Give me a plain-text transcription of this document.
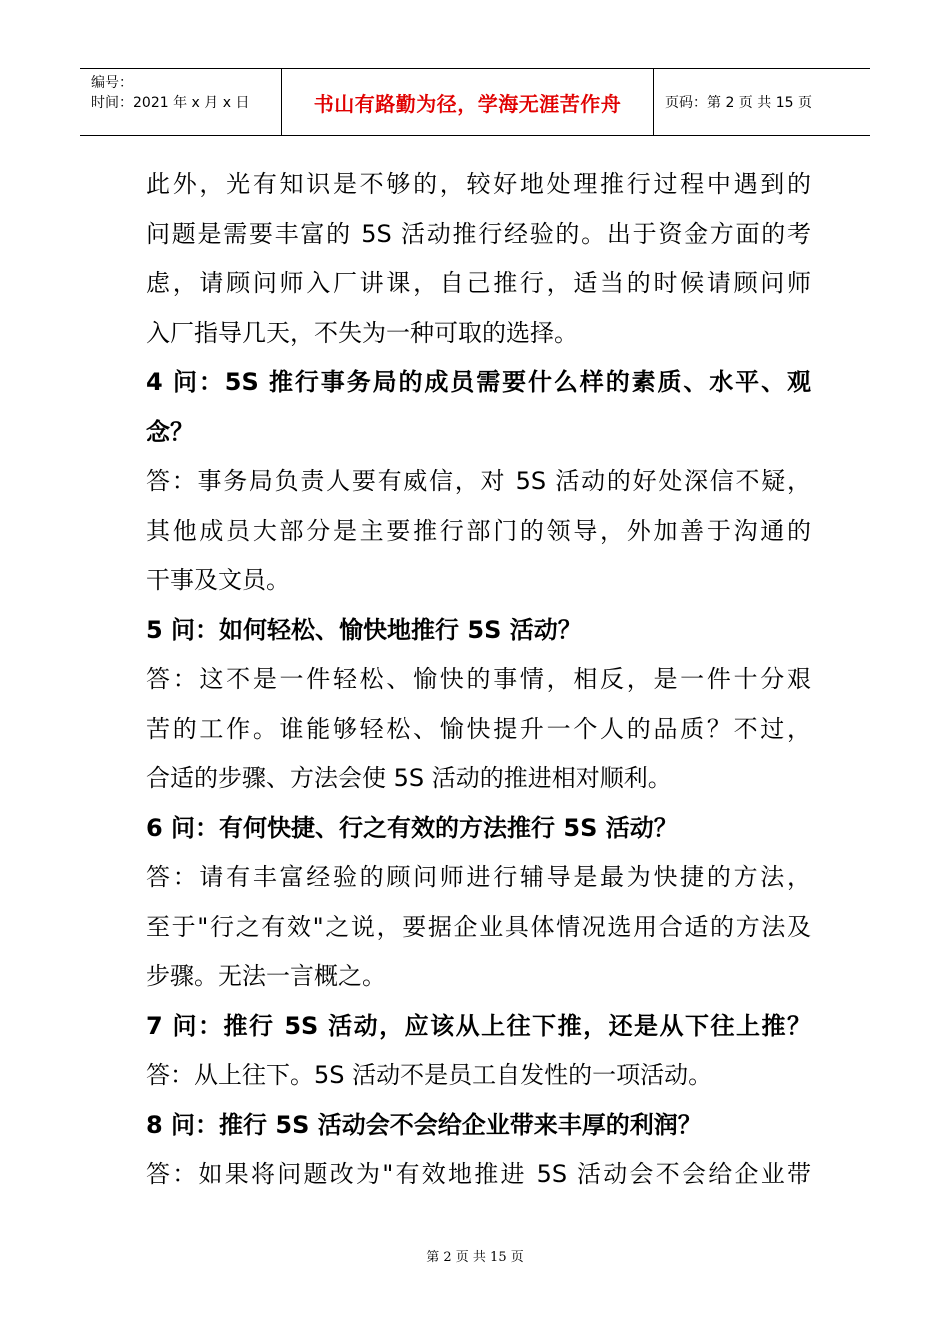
编号：
时间：2021 年 x 月 x 日	书山有路勤为径，学海无涯苦作舟	页码：第 2 页 共 15 页
此外，光有知识是不够的，较好地处理推行过程中遇到的
问题是需要丰富的 5S 活动推行经验的。出于资金方面的考
虑，请顾问师入厂讲课，自己推行，适当的时候请顾问师
入厂指导几天，不失为一种可取的选择。
4 问：5S 推行事务局的成员需要什么样的素质、水平、观
念？
答：事务局负责人要有威信，对 5S 活动的好处深信不疑，
其他成员大部分是主要推行部门的领导，外加善于沟通的
干事及文员。
5 问：如何轻松、愉快地推行 5S 活动？
答：这不是一件轻松、愉快的事情，相反，是一件十分艰
苦的工作。谁能够轻松、愉快提升一个人的品质？不过，
合适的步骤、方法会使 5S 活动的推进相对顺利。
6 问：有何快捷、行之有效的方法推行 5S 活动？
答：请有丰富经验的顾问师进行辅导是最为快捷的方法，
至于"行之有效"之说，要据企业具体情况选用合适的方法及
步骤。无法一言概之。
7 问：推行 5S 活动，应该从上往下推，还是从下往上推？
答：从上往下。5S 活动不是员工自发性的一项活动。
8 问：推行 5S 活动会不会给企业带来丰厚的利润？
答：如果将问题改为"有效地推进 5S 活动会不会给企业带
第 2 页 共 15 页
